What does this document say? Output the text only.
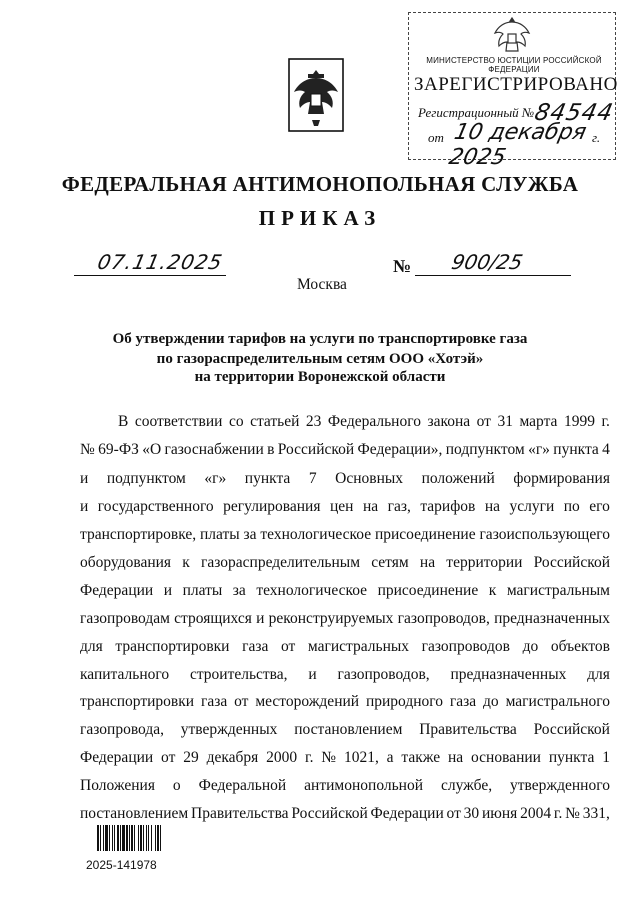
МИНИСТЕРСТВО ЮСТИЦИИ РОССИЙСКОЙ ФЕДЕРАЦИИ
ЗАРЕГИСТРИРОВАНО
Регистрационный №
84544
от 10 декабря 2025
г.
ФЕДЕРАЛЬНАЯ АНТИМОНОПОЛЬНАЯ СЛУЖБА
ПРИКАЗ
07.11.2025	№ 900/25
Москва
Об утверждении тарифов на услуги по транспортировке газа
по газораспределительным сетям ООО «Хотэй»
на территории Воронежской области
В соответствии со статьей 23 Федерального закона от 31 марта 1999 г.
№ 69-ФЗ «О газоснабжении в Российской Федерации», подпунктом «г» пункта 4
и подпунктом «г» пункта 7 Основных положений формирования
и государственного регулирования цен на газ, тарифов на услуги по его
транспортировке, платы за технологическое присоединение газоиспользующего
оборудования к газораспределительным сетям на территории Российской
Федерации и платы за технологическое присоединение к магистральным
газопроводам строящихся и реконструируемых газопроводов, предназначенных
для транспортировки газа от магистральных газопроводов до объектов
капитального строительства, и газопроводов, предназначенных для
транспортировки газа от месторождений природного газа до магистрального
газопровода, утвержденных постановлением Правительства Российской
Федерации от 29 декабря 2000 г. № 1021, а также на основании пункта 1
Положения о Федеральной антимонопольной службе, утвержденного
постановлением Правительства Российской Федерации от 30 июня 2004 г. № 331,
2025-141978
